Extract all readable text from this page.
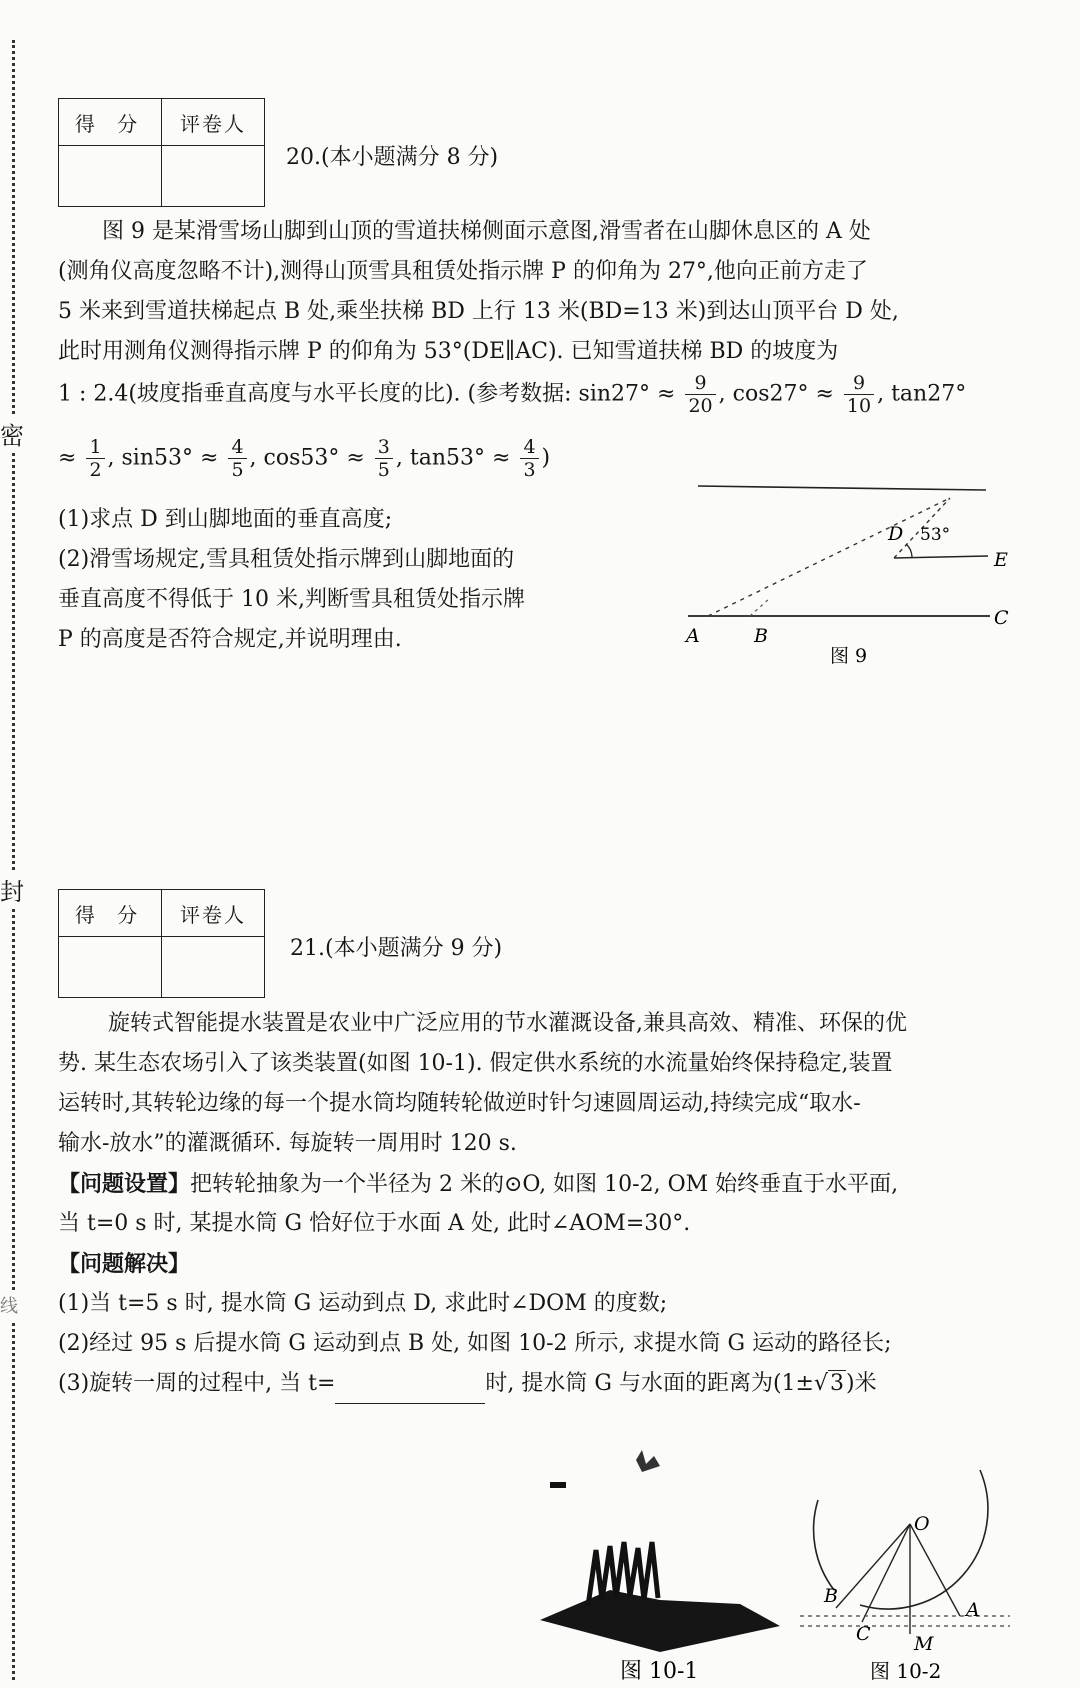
密
封
线
得 分	评卷人

20.(本小题满分 8 分)
图 9 是某滑雪场山脚到山顶的雪道扶梯侧面示意图,滑雪者在山脚休息区的 A 处
(测角仪高度忽略不计),测得山顶雪具租赁处指示牌 P 的仰角为 27°,他向正前方走了
5 米来到雪道扶梯起点 B 处,乘坐扶梯 BD 上行 13 米(BD=13 米)到达山顶平台 D 处,
此时用测角仪测得指示牌 P 的仰角为 53°(DE∥AC). 已知雪道扶梯 BD 的坡度为
1 : 2.4(坡度指垂直高度与水平长度的比). (参考数据: $\sin 27^\circ \approx \frac{9}{20}$ , $\cos 27^\circ \approx \frac{9}{10}$ , tan27°
≈ $\frac{1}{2}$ , $\sin 53^\circ \approx \frac{4}{5}$ , $\cos 53^\circ \approx \frac{3}{5}$ , $\tan 53^\circ \approx \frac{4}{3}$ )
(1)求点 D 到山脚地面的垂直高度;
(2)滑雪场规定,雪具租赁处指示牌到山脚地面的
垂直高度不得低于 10 米,判断雪具租赁处指示牌
P 的高度是否符合规定,并说明理由.	A	B
C
D
E
53°
图 9
得 分	评卷人

21.(本小题满分 9 分)
旋转式智能提水装置是农业中广泛应用的节水灌溉设备,兼具高效、精准、环保的优
势. 某生态农场引入了该类装置(如图 10-1). 假定供水系统的水流量始终保持稳定,装置
运转时,其转轮边缘的每一个提水筒均随转轮做逆时针匀速圆周运动,持续完成“取水-
输水-放水”的灌溉循环. 每旋转一周用时 120 s.
【问题设置】把转轮抽象为一个半径为 2 米的⊙O, 如图 10-2, OM 始终垂直于水平面,
当 t=0 s 时, 某提水筒 G 恰好位于水面 A 处, 此时∠AOM=30°.
【问题解决】
(1)当 t=5 s 时, 提水筒 G 运动到点 D, 求此时∠DOM 的度数;
(2)经过 95 s 后提水筒 G 运动到点 B 处, 如图 10-2 所示, 求提水筒 G 运动的路径长;
(3)旋转一周的过程中, 当 t=	时, 提水筒 G 与水面的距离为(1±√3)米
图 10-1
O
A
B
C M
图 10-2
